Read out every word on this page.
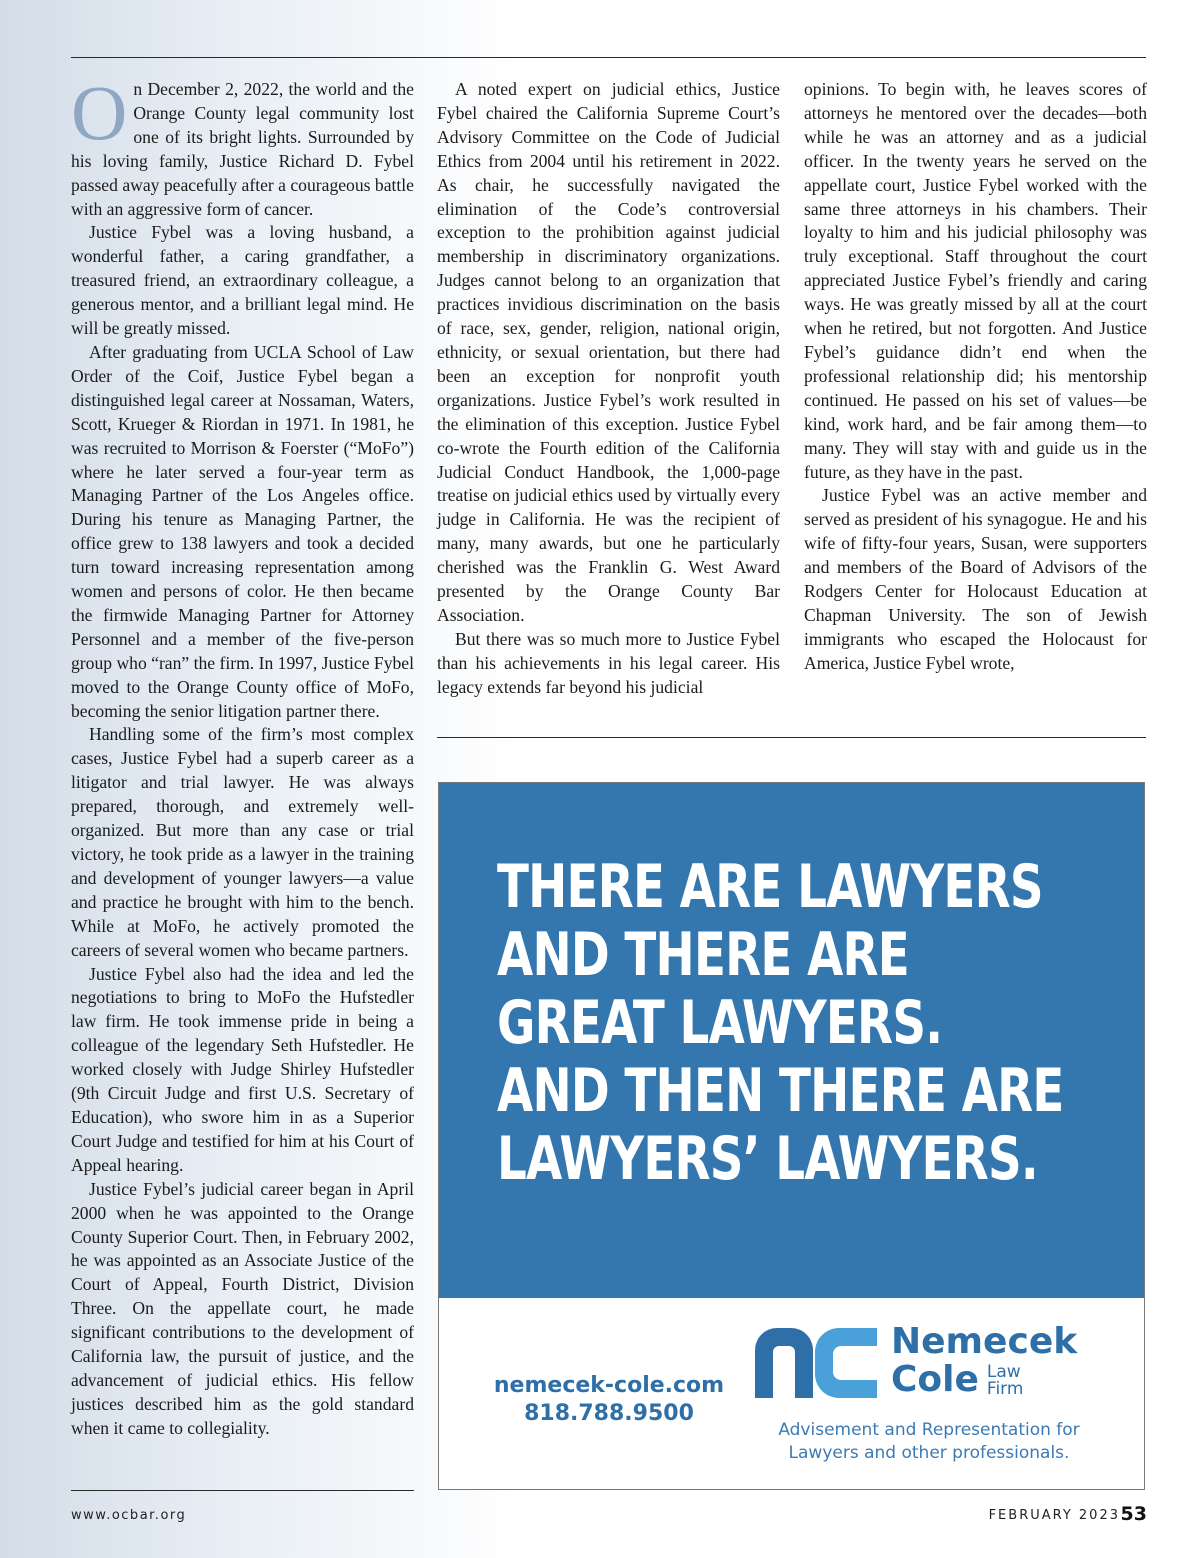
On December 2, 2022, the world and the Orange County legal community lost one of its bright lights. Surrounded by his loving family, Justice Richard D. Fybel passed away peacefully after a courageous battle with an aggressive form of cancer.

Justice Fybel was a loving husband, a wonderful father, a caring grandfather, a treasured friend, an extraordinary colleague, a generous mentor, and a brilliant legal mind. He will be greatly missed.

After graduating from UCLA School of Law Order of the Coif, Justice Fybel began a distinguished legal career at Nossaman, Waters, Scott, Krueger & Riordan in 1971. In 1981, he was recruited to Morrison & Foerster (“MoFo”) where he later served a four-year term as Managing Partner of the Los Angeles office. During his tenure as Managing Partner, the office grew to 138 lawyers and took a decided turn toward increasing representation among women and persons of color. He then became the firmwide Managing Partner for Attorney Personnel and a member of the five-person group who “ran” the firm. In 1997, Justice Fybel moved to the Orange County office of MoFo, becoming the senior litigation partner there.

Handling some of the firm’s most complex cases, Justice Fybel had a superb career as a litigator and trial lawyer. He was always prepared, thorough, and extremely well-organized. But more than any case or trial victory, he took pride as a lawyer in the training and development of younger lawyers—a value and practice he brought with him to the bench. While at MoFo, he actively promoted the careers of several women who became partners.

Justice Fybel also had the idea and led the negotiations to bring to MoFo the Hufstedler law firm. He took immense pride in being a colleague of the legendary Seth Hufstedler. He worked closely with Judge Shirley Hufstedler (9th Circuit Judge and first U.S. Secretary of Education), who swore him in as a Superior Court Judge and testified for him at his Court of Appeal hearing.

Justice Fybel’s judicial career began in April 2000 when he was appointed to the Orange County Superior Court. Then, in February 2002, he was appointed as an Associate Justice of the Court of Appeal, Fourth District, Division Three. On the appellate court, he made significant contributions to the development of California law, the pursuit of justice, and the advancement of judicial ethics. His fellow justices described him as the gold standard when it came to collegiality.

A noted expert on judicial ethics, Justice Fybel chaired the California Supreme Court’s Advisory Committee on the Code of Judicial Ethics from 2004 until his retirement in 2022. As chair, he successfully navigated the elimination of the Code’s controversial exception to the prohibition against judicial membership in discriminatory organizations. Judges cannot belong to an organization that practices invidious discrimination on the basis of race, sex, gender, religion, national origin, ethnicity, or sexual orientation, but there had been an exception for nonprofit youth organizations. Justice Fybel’s work resulted in the elimination of this exception. Justice Fybel co-wrote the Fourth edition of the California Judicial Conduct Handbook, the 1,000-page treatise on judicial ethics used by virtually every judge in California. He was the recipient of many, many awards, but one he particularly cherished was the Franklin G. West Award presented by the Orange County Bar Association.

But there was so much more to Justice Fybel than his achievements in his legal career. His legacy extends far beyond his judicial

opinions. To begin with, he leaves scores of attorneys he mentored over the decades—both while he was an attorney and as a judicial officer. In the twenty years he served on the appellate court, Justice Fybel worked with the same three attorneys in his chambers. Their loyalty to him and his judicial philosophy was truly exceptional. Staff throughout the court appreciated Justice Fybel’s friendly and caring ways. He was greatly missed by all at the court when he retired, but not forgotten. And Justice Fybel’s guidance didn’t end when the professional relationship did; his mentorship continued. He passed on his set of values—be kind, work hard, and be fair among them—to many. They will stay with and guide us in the future, as they have in the past.

Justice Fybel was an active member and served as president of his synagogue. He and his wife of fifty-four years, Susan, were supporters and members of the Board of Advisors of the Rodgers Center for Holocaust Education at Chapman University. The son of Jewish immigrants who escaped the Holocaust for America, Justice Fybel wrote,

THERE ARE LAWYERS
AND THERE ARE
GREAT LAWYERS.
AND THEN THERE ARE
LAWYERS’ LAWYERS.
nemecek-cole.com
818.788.9500
Nemecek
Cole Law
Firm
Advisement and Representation for
Lawyers and other professionals.
www.ocbar.org	FEBRUARY 2023 53
